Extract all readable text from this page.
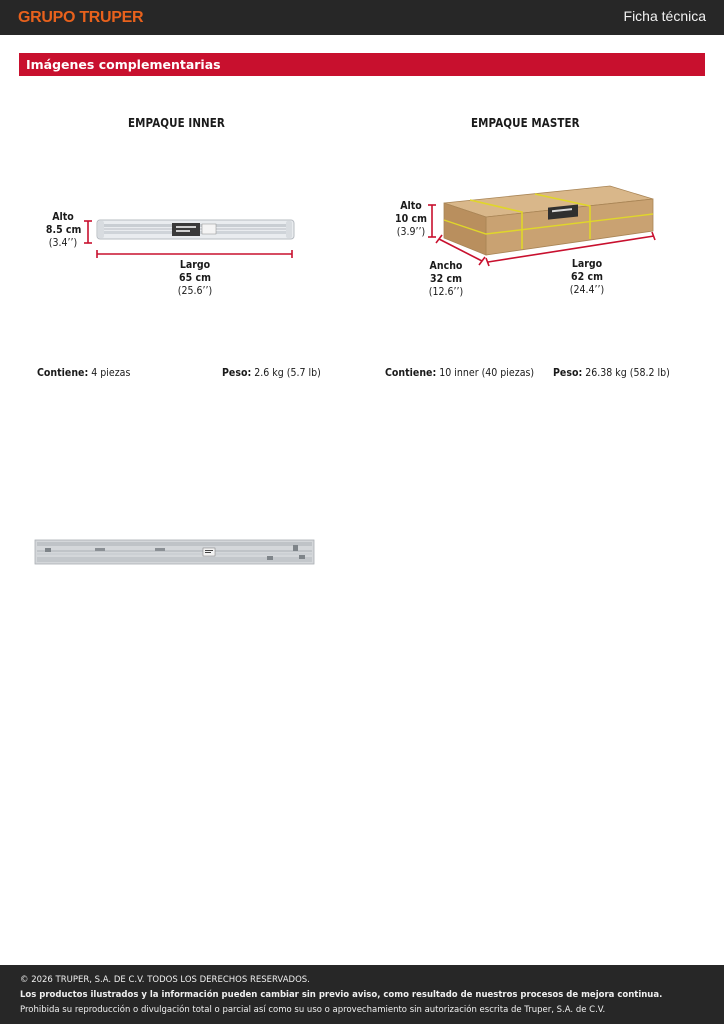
GRUPO TRUPER	Ficha técnica
Imágenes complementarias
EMPAQUE INNER
Alto
8.5 cm
(3.4’’)
Largo
65 cm
(25.6’’)
Contiene: 4 piezas	Peso: 2.6 kg (5.7 lb)
EMPAQUE MASTER
Alto
10 cm
(3.9’’)
Ancho
32 cm
(12.6’’)
Largo
62 cm
(24.4’’)
Contiene: 10 inner (40 piezas) Peso: 26.38 kg (58.2 lb)
© 2026 TRUPER, S.A. DE C.V. TODOS LOS DERECHOS RESERVADOS.
Los productos ilustrados y la información pueden cambiar sin previo aviso, como resultado de nuestros procesos de mejora continua.
Prohibida su reproducción o divulgación total o parcial así como su uso o aprovechamiento sin autorización escrita de Truper, S.A. de C.V.
